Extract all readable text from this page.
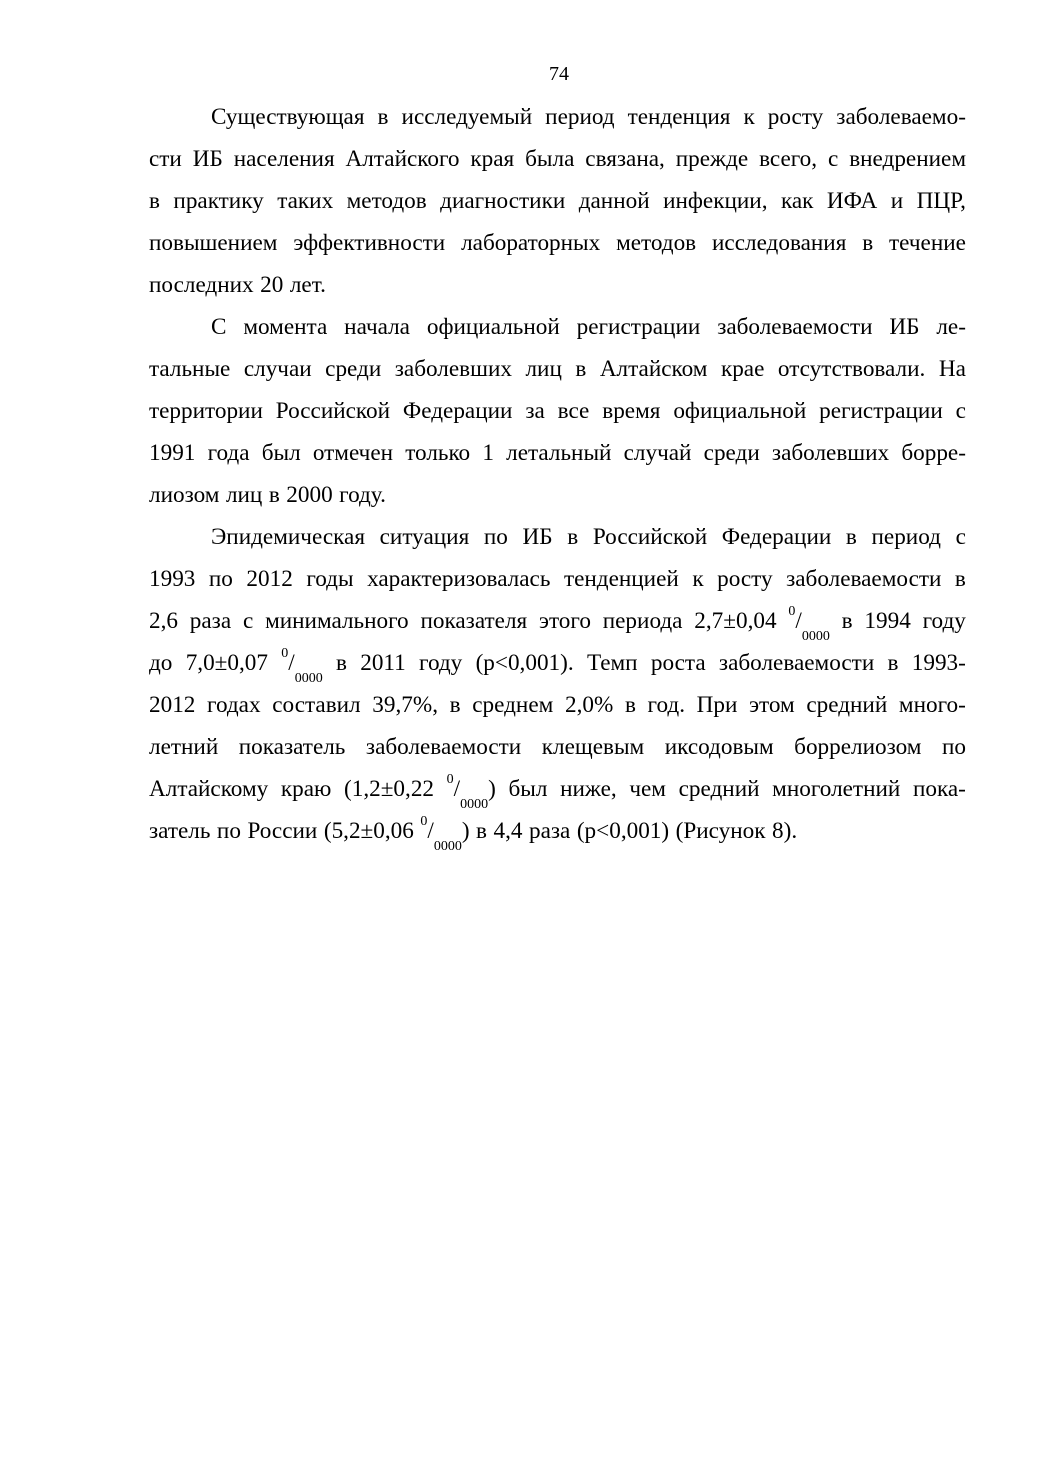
74
Существующая в исследуемый период тенденция к росту заболеваемо-
сти ИБ населения Алтайского края была связана, прежде всего, с внедрением
в практику таких методов диагностики данной инфекции, как ИФА и ПЦР,
повышением эффективности лабораторных методов исследования в течение
последних 20 лет.
С момента начала официальной регистрации заболеваемости ИБ ле-
тальные случаи среди заболевших лиц в Алтайском крае отсутствовали. На
территории Российской Федерации за все время официальной регистрации с
1991 года был отмечен только 1 летальный случай среди заболевших борре-
лиозом лиц в 2000 году.
Эпидемическая ситуация по ИБ в Российской Федерации в период с
1993 по 2012 годы характеризовалась тенденцией к росту заболеваемости в
2,6 раза с минимального показателя этого периода 2,7±0,04 $^0/_{0000}$
в 1994 году
до 7,0±0,07 $^0/_{0000}$
в 2011 году (р<0,001). Темп роста заболеваемости в 1993-
2012 годах составил 39,7%, в среднем 2,0% в год. При этом средний много-
летний показатель заболеваемости клещевым иксодовым боррелиозом по
Алтайскому краю (1,2±0,22 $^0/_{0000}$) был ниже, чем средний многолетний пока-
затель по России (5,2±0,06 $^0/_{0000}$) в 4,4 раза (р<0,001) (Рисунок 8).
